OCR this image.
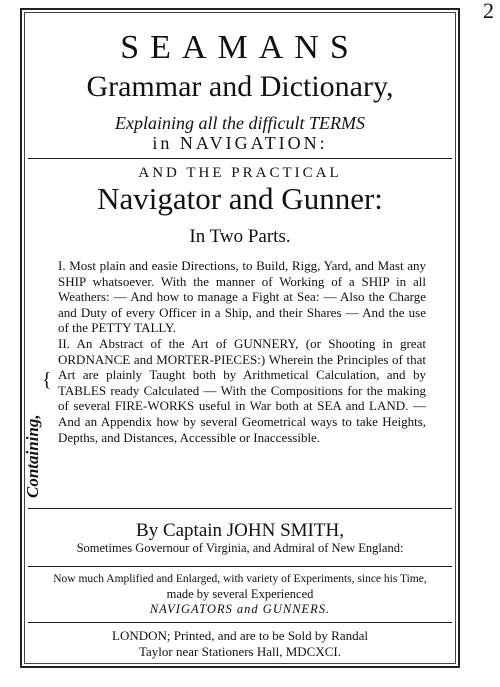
2
SEAMANS
Grammar and Dictionary,
Explaining all the difficult TERMS
in NAVIGATION:
AND THE PRACTICAL
Navigator and Gunner:
In Two Parts.
Containing,
{

I. Most plain and easie Directions, to Build, Rigg, Yard, and Mast any SHIP whatsoever. With the manner of Working of a SHIP in all Weathers: — And how to manage a Fight at Sea: — Also the Charge and Duty of every Officer in a Ship, and their Shares — And the use of the PETTY TALLY.

II. An Abstract of the Art of GUNNERY, (or Shooting in great ORDNANCE and MORTER-PIECES:) Wherein the Principles of that Art are plainly Taught both by Arithmetical Calculation, and by TABLES ready Calculated — With the Compositions for the making of several FIRE-WORKS useful in War both at SEA and LAND. — And an Appendix how by several Geometrical ways to take Heights, Depths, and Distances, Accessible or Inaccessible.

By Captain JOHN SMITH,
Sometimes Governour of Virginia, and Admiral of New England:
Now much Amplified and Enlarged, with variety of Experiments, since his Time,
made by several Experienced
NAVIGATORS and GUNNERS.
LONDON; Printed, and are to be Sold by Randal
Taylor near Stationers Hall, MDCXCI.
